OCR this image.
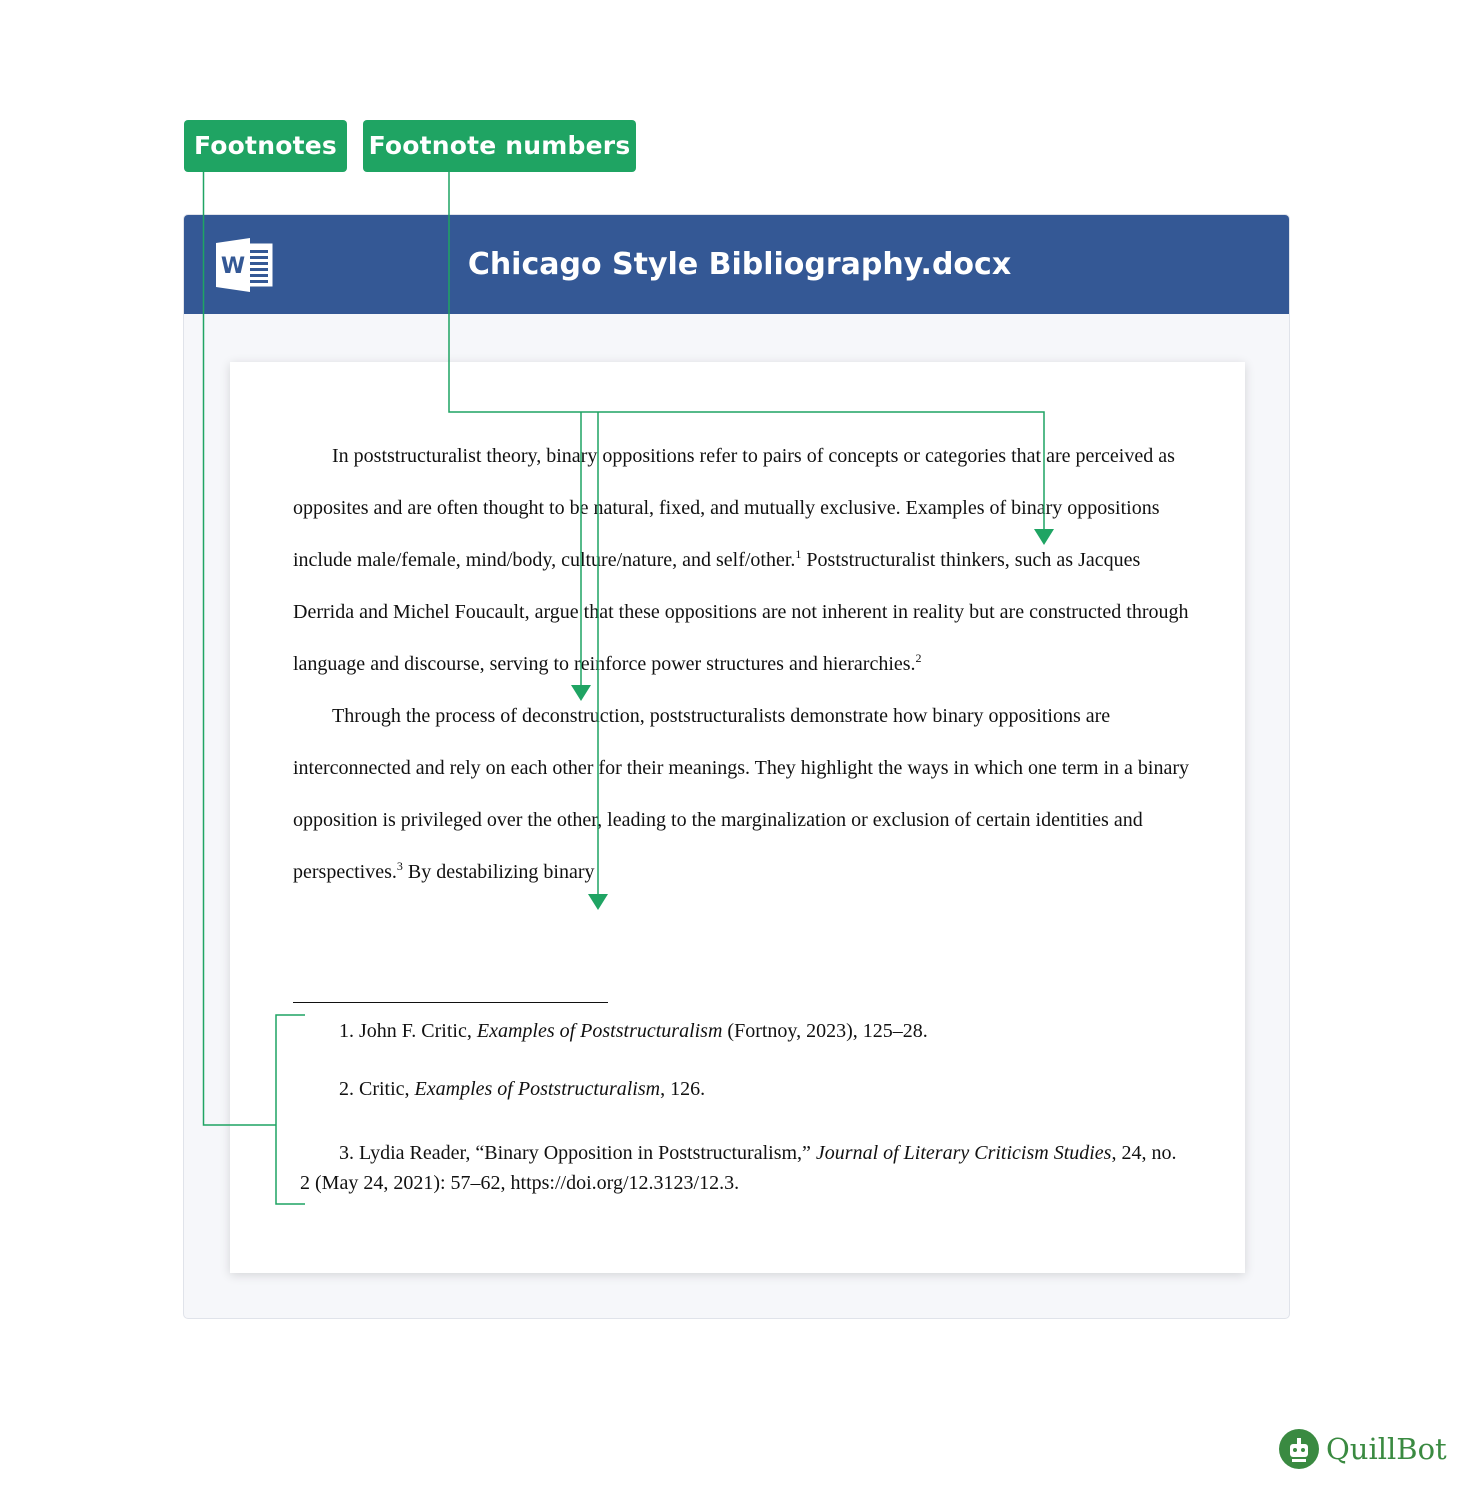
Footnotes	Footnote numbers
W	Chicago Style Bibliography.docx

In poststructuralist theory, binary oppositions refer to pairs of concepts or categories that are perceived as opposites and are often thought to be natural, fixed, and mutually exclusive. Examples of binary oppositions include male/female, mind/body, culture/nature, and self/other.$^1$ Poststructuralist thinkers, such as Jacques Derrida and Michel Foucault, argue that these oppositions are not inherent in reality but are constructed through language and discourse, serving to reinforce power structures and hierarchies.$^2$

Through the process of deconstruction, poststructuralists demonstrate how binary oppositions are interconnected and rely on each other for their meanings. They highlight the ways in which one term in a binary opposition is privileged over the other, leading to the marginalization or exclusion of certain identities and perspectives.$^3$ By destabilizing binary

1. John F. Critic, Examples of Poststructuralism (Fortnoy, 2023), 125–28.
2. Critic, Examples of Poststructuralism, 126.
3. Lydia Reader, “Binary Opposition in Poststructuralism,” Journal of Literary Criticism Studies, 24, no. 2 (May 24, 2021): 57–62, https://doi.org/12.3123/12.3.
QuillBot
